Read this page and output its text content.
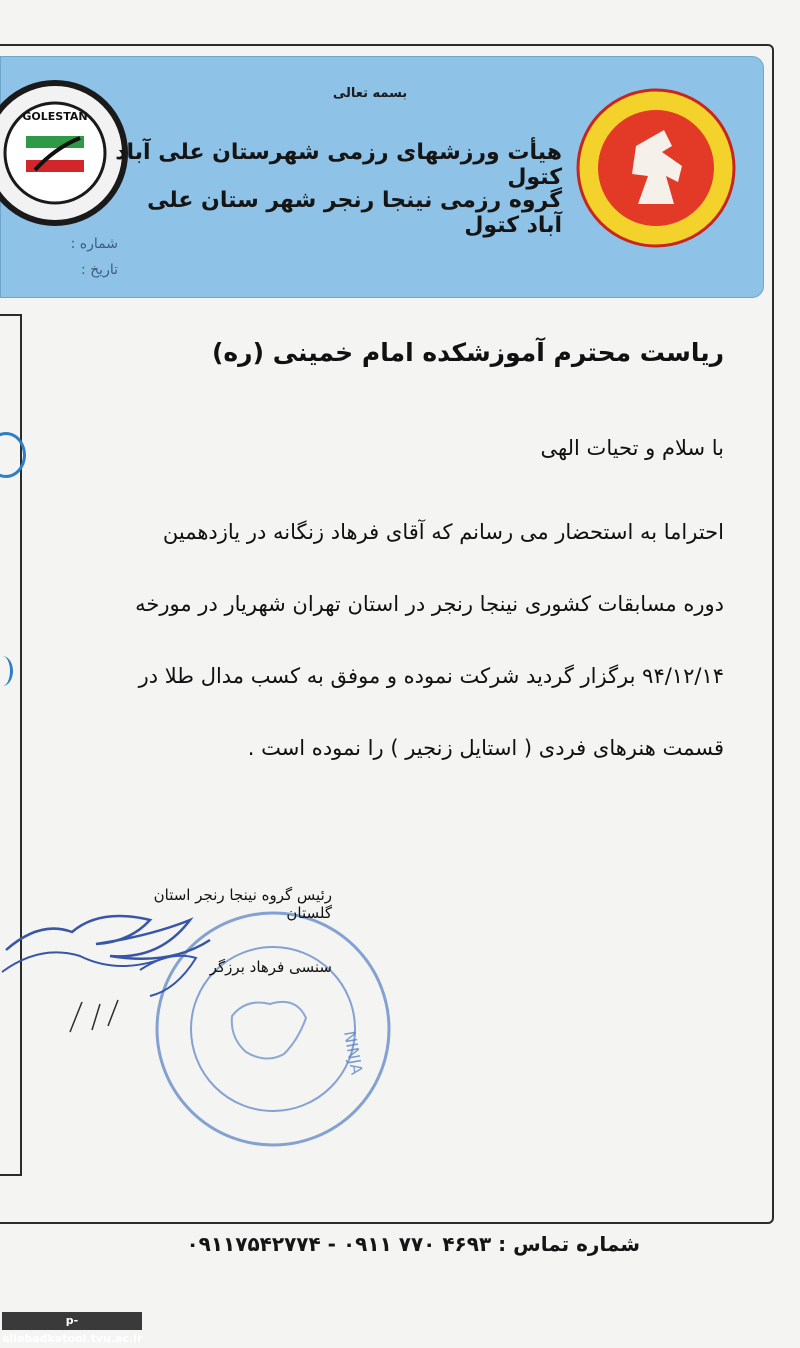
GOLESTAN
بسمه تعالی
هیأت ورزشهای رزمی شهرستان علی آباد کتول
گروه رزمی نینجا رنجر شهر ستان علی آباد کتول
شماره :
تاریخ :
ریاست محترم آموزشکده امام خمینی (ره)
با سلام و تحیات الهی
احتراما به استحضار می رسانم که آقای فرهاد زنگانه در یازدهمین
دوره مسابقات کشوری نینجا رنجر در استان تهران شهریار در مورخه
۹۴/۱۲/۱۴ برگزار گردید شرکت نموده و موفق به کسب مدال طلا در
قسمت هنرهای فردی ( استایل زنجیر ) را نموده است .
NINJA
رئیس گروه نینجا رنجر استان گلستان
سنسی فرهاد برزگر
شماره تماس : ۴۶۹۳ ۷۷۰ ۰۹۱۱ - ۰۹۱۱۷۵۴۲۷۷۴
p-aliabadkatool.tvu.ac.ir
